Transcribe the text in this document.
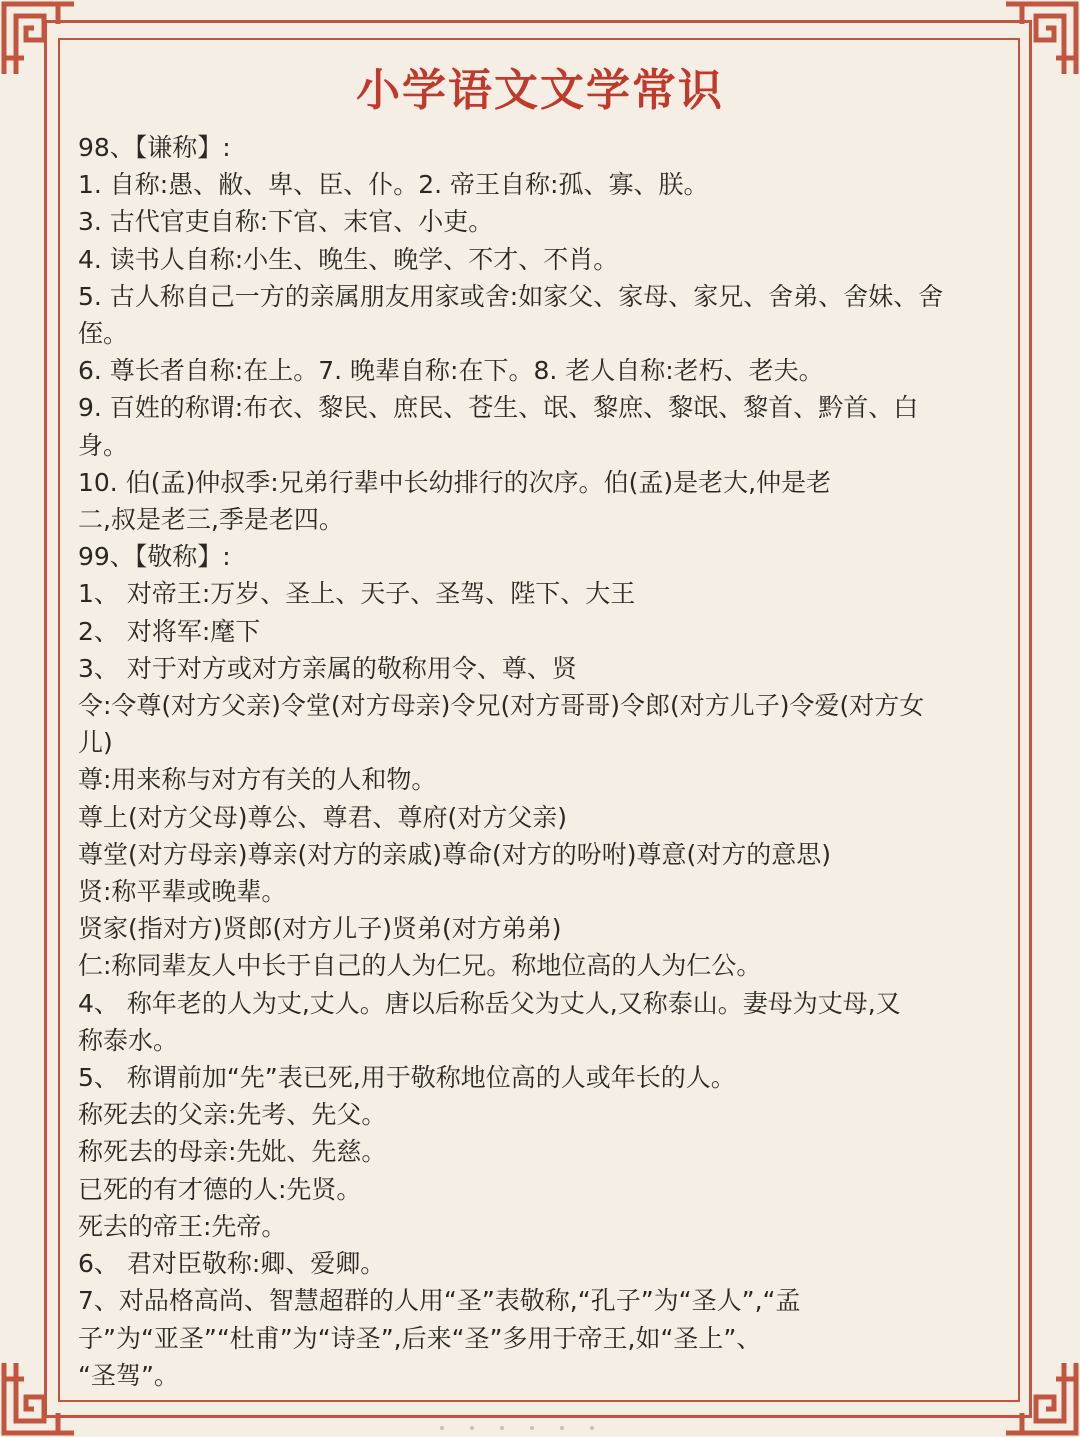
小学语文文学常识
98、【谦称】:
1. 自称:愚、敝、卑、臣、仆。2. 帝王自称:孤、寡、朕。
3. 古代官吏自称:下官、末官、小吏。
4. 读书人自称:小生、晚生、晚学、不才、不肖。
5. 古人称自己一方的亲属朋友用家或舍:如家父、家母、家兄、舍弟、舍妹、舍
侄。
6. 尊长者自称:在上。7. 晚辈自称:在下。8. 老人自称:老朽、老夫。
9. 百姓的称谓:布衣、黎民、庶民、苍生、氓、黎庶、黎氓、黎首、黔首、白
身。
10. 伯(孟)仲叔季:兄弟行辈中长幼排行的次序。伯(孟)是老大,仲是老
二,叔是老三,季是老四。
99、【敬称】:
1、 对帝王:万岁、圣上、天子、圣驾、陛下、大王
2、 对将军:麾下
3、 对于对方或对方亲属的敬称用令、尊、贤
令:令尊(对方父亲)令堂(对方母亲)令兄(对方哥哥)令郎(对方儿子)令爱(对方女
儿)
尊:用来称与对方有关的人和物。
尊上(对方父母)尊公、尊君、尊府(对方父亲)
尊堂(对方母亲)尊亲(对方的亲戚)尊命(对方的吩咐)尊意(对方的意思)
贤:称平辈或晚辈。
贤家(指对方)贤郎(对方儿子)贤弟(对方弟弟)
仁:称同辈友人中长于自己的人为仁兄。称地位高的人为仁公。
4、 称年老的人为丈,丈人。唐以后称岳父为丈人,又称泰山。妻母为丈母,又
称泰水。
5、 称谓前加“先”表已死,用于敬称地位高的人或年长的人。
称死去的父亲:先考、先父。
称死去的母亲:先妣、先慈。
已死的有才德的人:先贤。
死去的帝王:先帝。
6、 君对臣敬称:卿、爱卿。
7、对品格高尚、智慧超群的人用“圣”表敬称,“孔子”为“圣人”,“孟
子”为“亚圣”“杜甫”为“诗圣”,后来“圣”多用于帝王,如“圣上”、
“圣驾”。
